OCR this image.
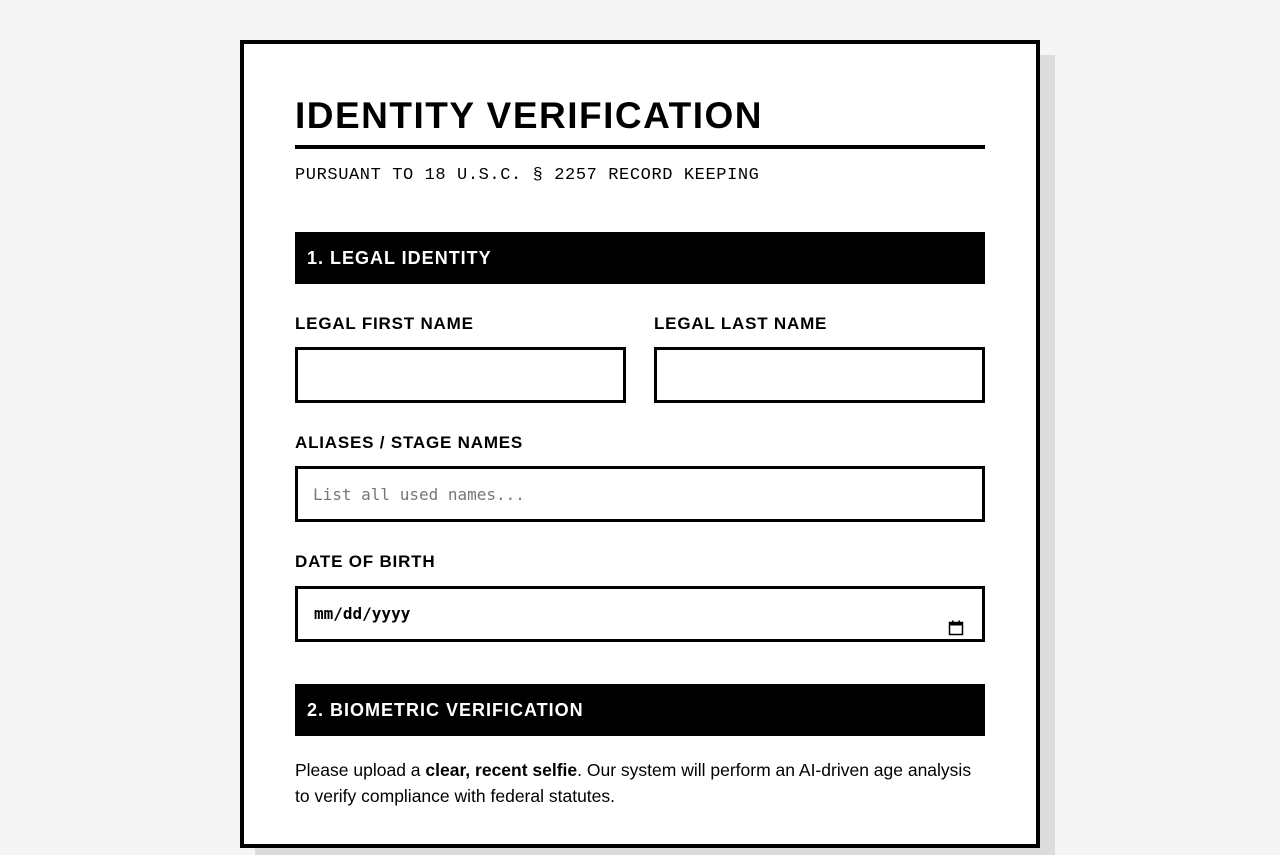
IDENTITY VERIFICATION
PURSUANT TO 18 U.S.C. § 2257 RECORD KEEPING
1. LEGAL IDENTITY
LEGAL FIRST NAME	LEGAL LAST NAME
ALIASES / STAGE NAMES
List all used names...
DATE OF BIRTH
mm/dd/yyyy
2. BIOMETRIC VERIFICATION
Please upload a clear, recent selfie. Our system will perform an AI-driven age analysis to verify compliance with federal statutes.
